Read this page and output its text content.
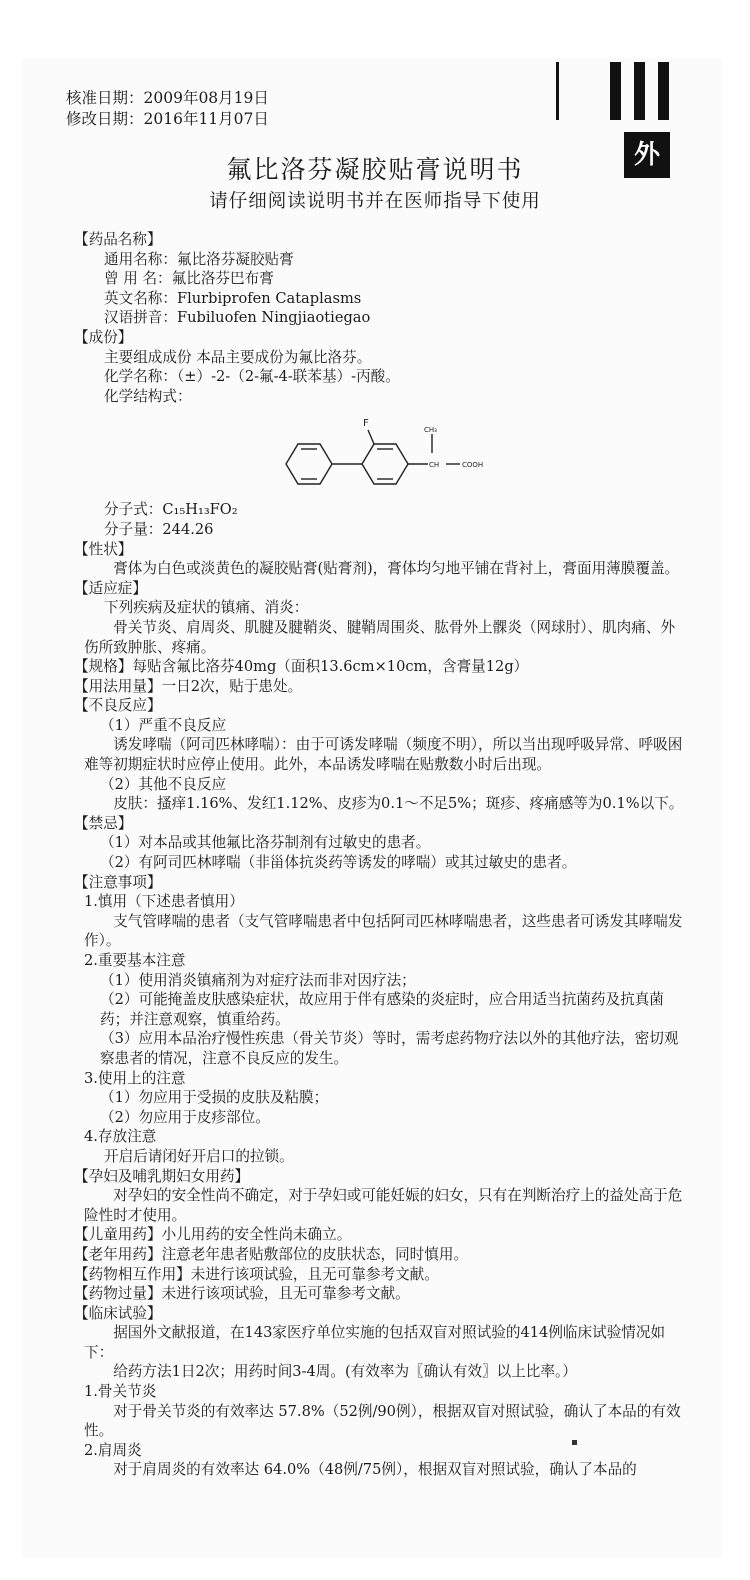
核准日期：2009年08月19日
修改日期：2016年11月07日
外
氟比洛芬凝胶贴膏说明书
请仔细阅读说明书并在医师指导下使用

【药品名称】

通用名称：氟比洛芬凝胶贴膏

曾 用 名：氟比洛芬巴布膏

英文名称：Flurbiprofen Cataplasms

汉语拼音：Fubiluofen Ningjiaotiegao

【成份】

主要组成成份 本品主要成份为氟比洛芬。

化学名称：（±）-2-（2-氟-4-联苯基）-丙酸。

化学结构式：

F
CH₃
CH	COOH

分子式：C₁₅H₁₃FO₂

分子量：244.26

【性状】

膏体为白色或淡黄色的凝胶贴膏(贴膏剂)，膏体均匀地平铺在背衬上，膏面用薄膜覆盖。

【适应症】

下列疾病及症状的镇痛、消炎：

骨关节炎、肩周炎、肌腱及腱鞘炎、腱鞘周围炎、肱骨外上髁炎（网球肘）、肌肉痛、外伤所致肿胀、疼痛。

【规格】每贴含氟比洛芬40mg（面积13.6cm×10cm，含膏量12g）

【用法用量】一日2次，贴于患处。

【不良反应】

（1）严重不良反应

诱发哮喘（阿司匹林哮喘）：由于可诱发哮喘（频度不明），所以当出现呼吸异常、呼吸困难等初期症状时应停止使用。此外，本品诱发哮喘在贴敷数小时后出现。

（2）其他不良反应

皮肤：搔痒1.16%、发红1.12%、皮疹为0.1～不足5%；斑疹、疼痛感等为0.1%以下。

【禁忌】

（1）对本品或其他氟比洛芬制剂有过敏史的患者。

（2）有阿司匹林哮喘（非甾体抗炎药等诱发的哮喘）或其过敏史的患者。

【注意事项】

1.慎用（下述患者慎用）

支气管哮喘的患者（支气管哮喘患者中包括阿司匹林哮喘患者，这些患者可诱发其哮喘发作）。

2.重要基本注意

（1）使用消炎镇痛剂为对症疗法而非对因疗法；

（2）可能掩盖皮肤感染症状，故应用于伴有感染的炎症时，应合用适当抗菌药及抗真菌药；并注意观察，慎重给药。

（3）应用本品治疗慢性疾患（骨关节炎）等时，需考虑药物疗法以外的其他疗法，密切观察患者的情况，注意不良反应的发生。

3.使用上的注意

（1）勿应用于受损的皮肤及粘膜；

（2）勿应用于皮疹部位。

4.存放注意

开启后请闭好开启口的拉锁。

【孕妇及哺乳期妇女用药】

对孕妇的安全性尚不确定，对于孕妇或可能妊娠的妇女，只有在判断治疗上的益处高于危险性时才使用。

【儿童用药】小儿用药的安全性尚未确立。

【老年用药】注意老年患者贴敷部位的皮肤状态，同时慎用。

【药物相互作用】未进行该项试验，且无可靠参考文献。

【药物过量】未进行该项试验，且无可靠参考文献。

【临床试验】

据国外文献报道，在143家医疗单位实施的包括双盲对照试验的414例临床试验情况如下：

给药方法1日2次；用药时间3-4周。(有效率为〖确认有效〗以上比率。）

1.骨关节炎

对于骨关节炎的有效率达 57.8%（52例/90例），根据双盲对照试验，确认了本品的有效性。

2.肩周炎

对于肩周炎的有效率达 64.0%（48例/75例），根据双盲对照试验，确认了本品的
